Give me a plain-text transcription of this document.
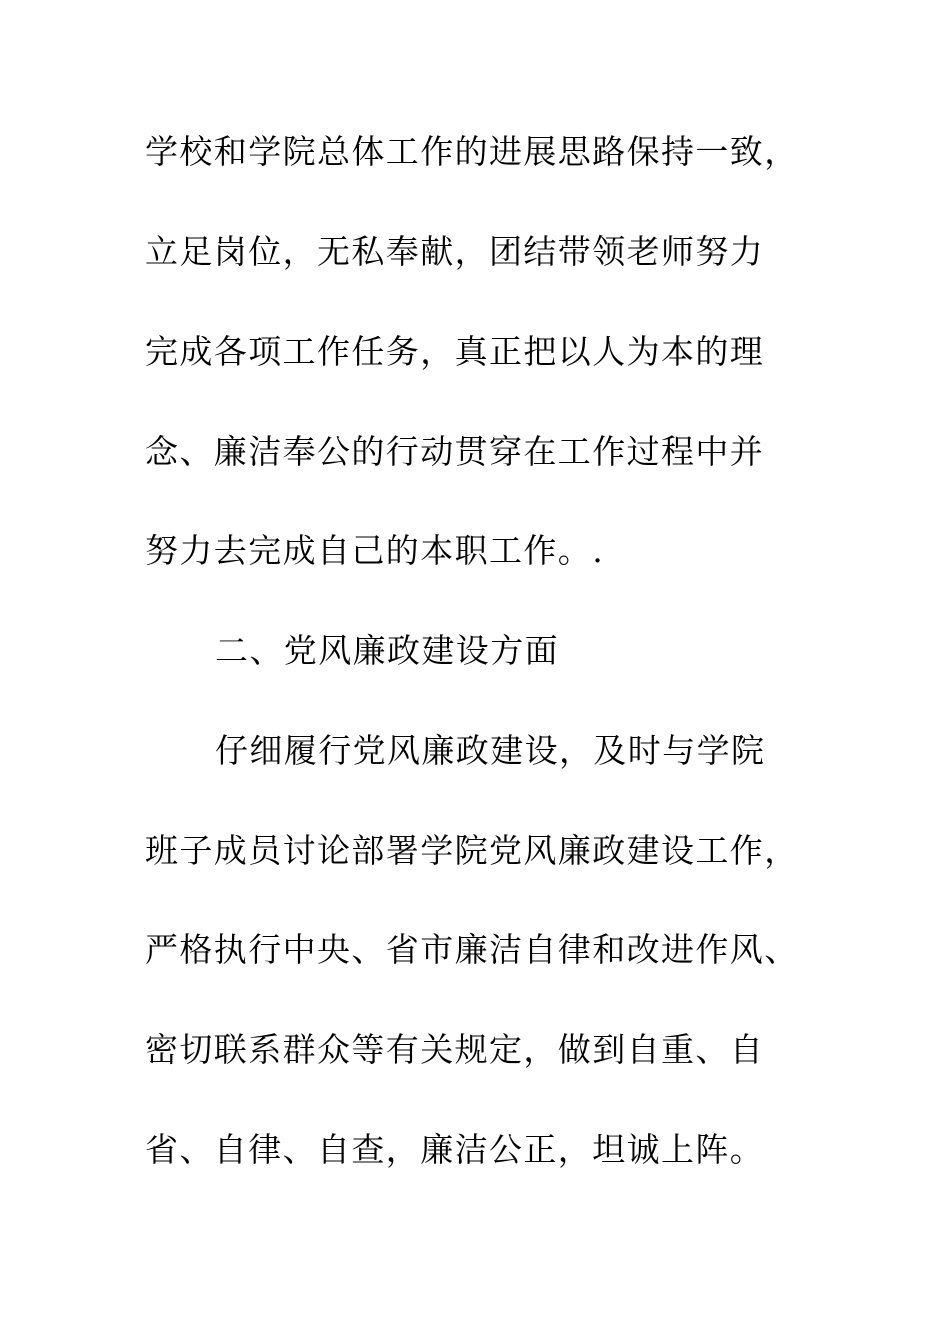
学校和学院总体工作的进展思路保持一致，
立足岗位，无私奉献，团结带领老师努力
完成各项工作任务，真正把以人为本的理
念、廉洁奉公的行动贯穿在工作过程中并
努力去完成自己的本职工作。.
二、党风廉政建设方面
仔细履行党风廉政建设，及时与学院
班子成员讨论部署学院党风廉政建设工作，
严格执行中央、省市廉洁自律和改进作风、
密切联系群众等有关规定，做到自重、自
省、自律、自查，廉洁公正，坦诚上阵。
